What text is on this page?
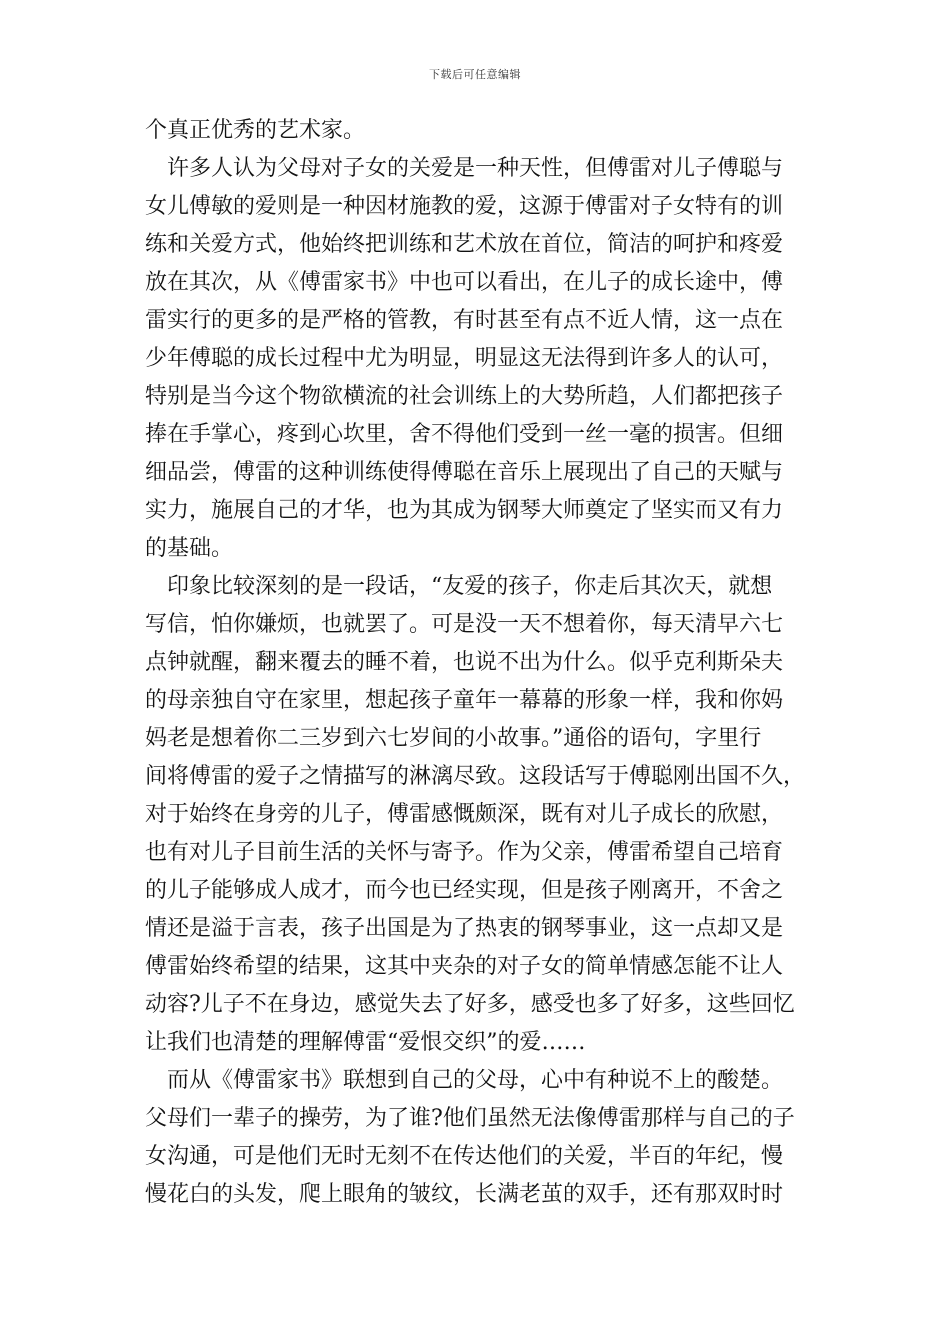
下载后可任意编辑
个真正优秀的艺术家。
许多人认为父母对子女的关爱是一种天性，但傅雷对儿子傅聪与
女儿傅敏的爱则是一种因材施教的爱，这源于傅雷对子女特有的训
练和关爱方式，他始终把训练和艺术放在首位，简洁的呵护和疼爱
放在其次，从《傅雷家书》中也可以看出，在儿子的成长途中，傅
雷实行的更多的是严格的管教，有时甚至有点不近人情，这一点在
少年傅聪的成长过程中尤为明显，明显这无法得到许多人的认可，
特别是当今这个物欲横流的社会训练上的大势所趋，人们都把孩子
捧在手掌心，疼到心坎里，舍不得他们受到一丝一毫的损害。但细
细品尝，傅雷的这种训练使得傅聪在音乐上展现出了自己的天赋与
实力，施展自己的才华，也为其成为钢琴大师奠定了坚实而又有力
的基础。
印象比较深刻的是一段话，“友爱的孩子，你走后其次天，就想
写信，怕你嫌烦，也就罢了。可是没一天不想着你，每天清早六七
点钟就醒，翻来覆去的睡不着，也说不出为什么。似乎克利斯朵夫
的母亲独自守在家里，想起孩子童年一幕幕的形象一样，我和你妈
妈老是想着你二三岁到六七岁间的小故事。”通俗的语句，字里行
间将傅雷的爱子之情描写的淋漓尽致。这段话写于傅聪刚出国不久，
对于始终在身旁的儿子，傅雷感慨颇深，既有对儿子成长的欣慰，
也有对儿子目前生活的关怀与寄予。作为父亲，傅雷希望自己培育
的儿子能够成人成才，而今也已经实现，但是孩子刚离开，不舍之
情还是溢于言表，孩子出国是为了热衷的钢琴事业，这一点却又是
傅雷始终希望的结果，这其中夹杂的对子女的简单情感怎能不让人
动容?儿子不在身边，感觉失去了好多，感受也多了好多，这些回忆
让我们也清楚的理解傅雷“爱恨交织”的爱……
而从《傅雷家书》联想到自己的父母，心中有种说不上的酸楚。
父母们一辈子的操劳，为了谁?他们虽然无法像傅雷那样与自己的子
女沟通，可是他们无时无刻不在传达他们的关爱，半百的年纪，慢
慢花白的头发，爬上眼角的皱纹，长满老茧的双手，还有那双时时
